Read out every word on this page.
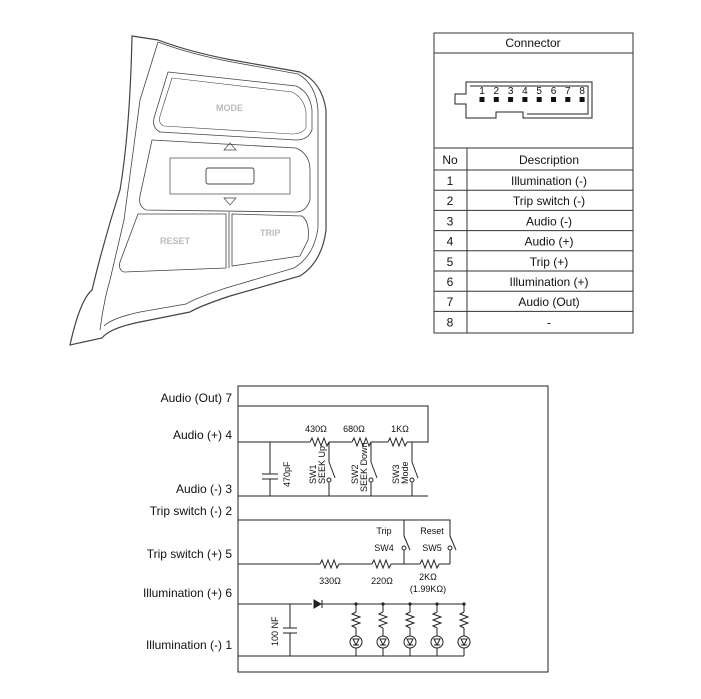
MODE
RESET
TRIP
Connector
1 2 3 4 5 6 7 8
No	Description
1	Illumination (-)
2	Trip switch (-)
3	Audio (-)
4	Audio (+)
5	Trip (+)
6	Illumination (+)
7	Audio (Out)
8	-
Audio (Out) 7
Audio (+) 4
Audio (-) 3
Trip switch (-) 2
Trip switch (+) 5
Illumination (+) 6
Illumination (-) 1
430Ω 680Ω	1KΩ
470pF SW1 SEEK Up	SW2 SEEK Down SW3 Mode
Trip
SW4
Reset
SW5
330Ω	220Ω	2KΩ
(1.99KΩ)
100 NF
